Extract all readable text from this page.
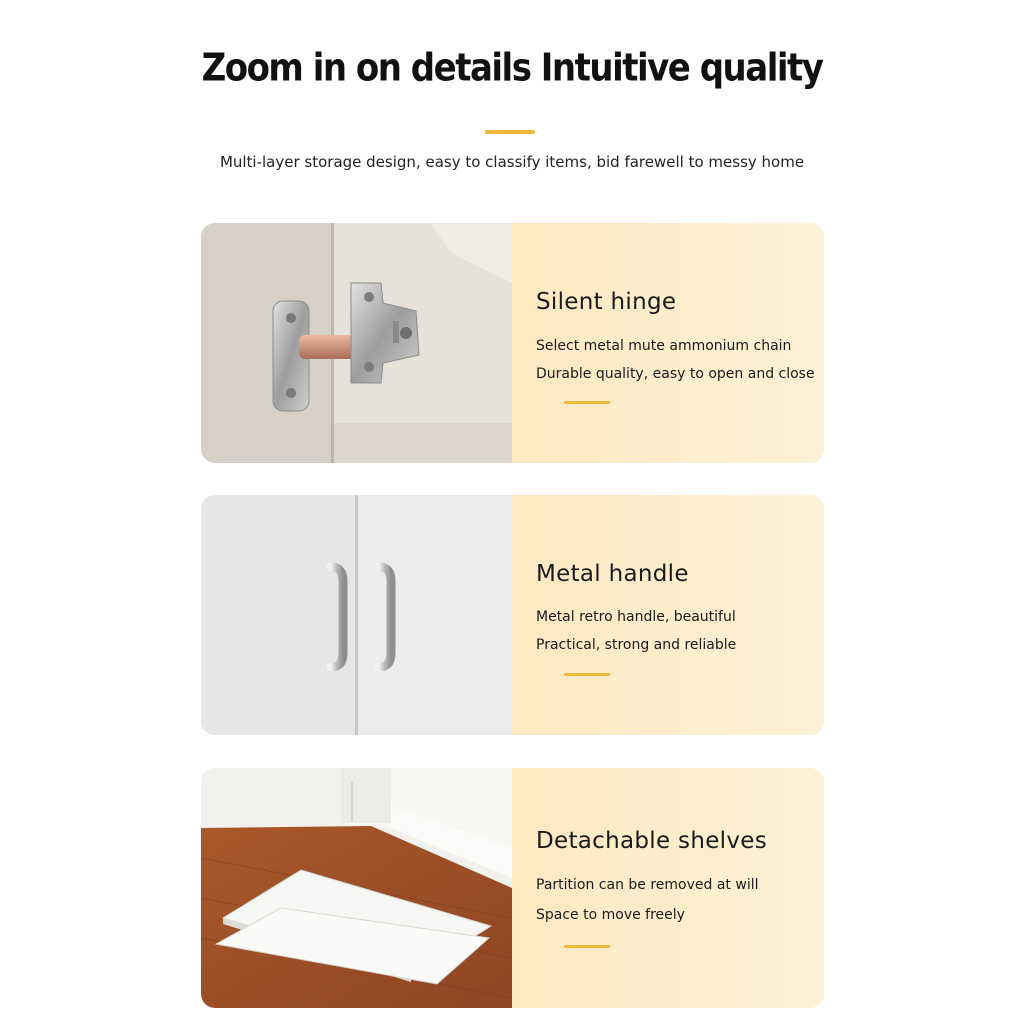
Zoom in on details Intuitive quality
Multi-layer storage design, easy to classify items, bid farewell to messy home
Silent hinge
Select metal mute ammonium chain
Durable quality, easy to open and close
Metal handle
Metal retro handle, beautiful
Practical, strong and reliable
Detachable shelves
Partition can be removed at will
Space to move freely
